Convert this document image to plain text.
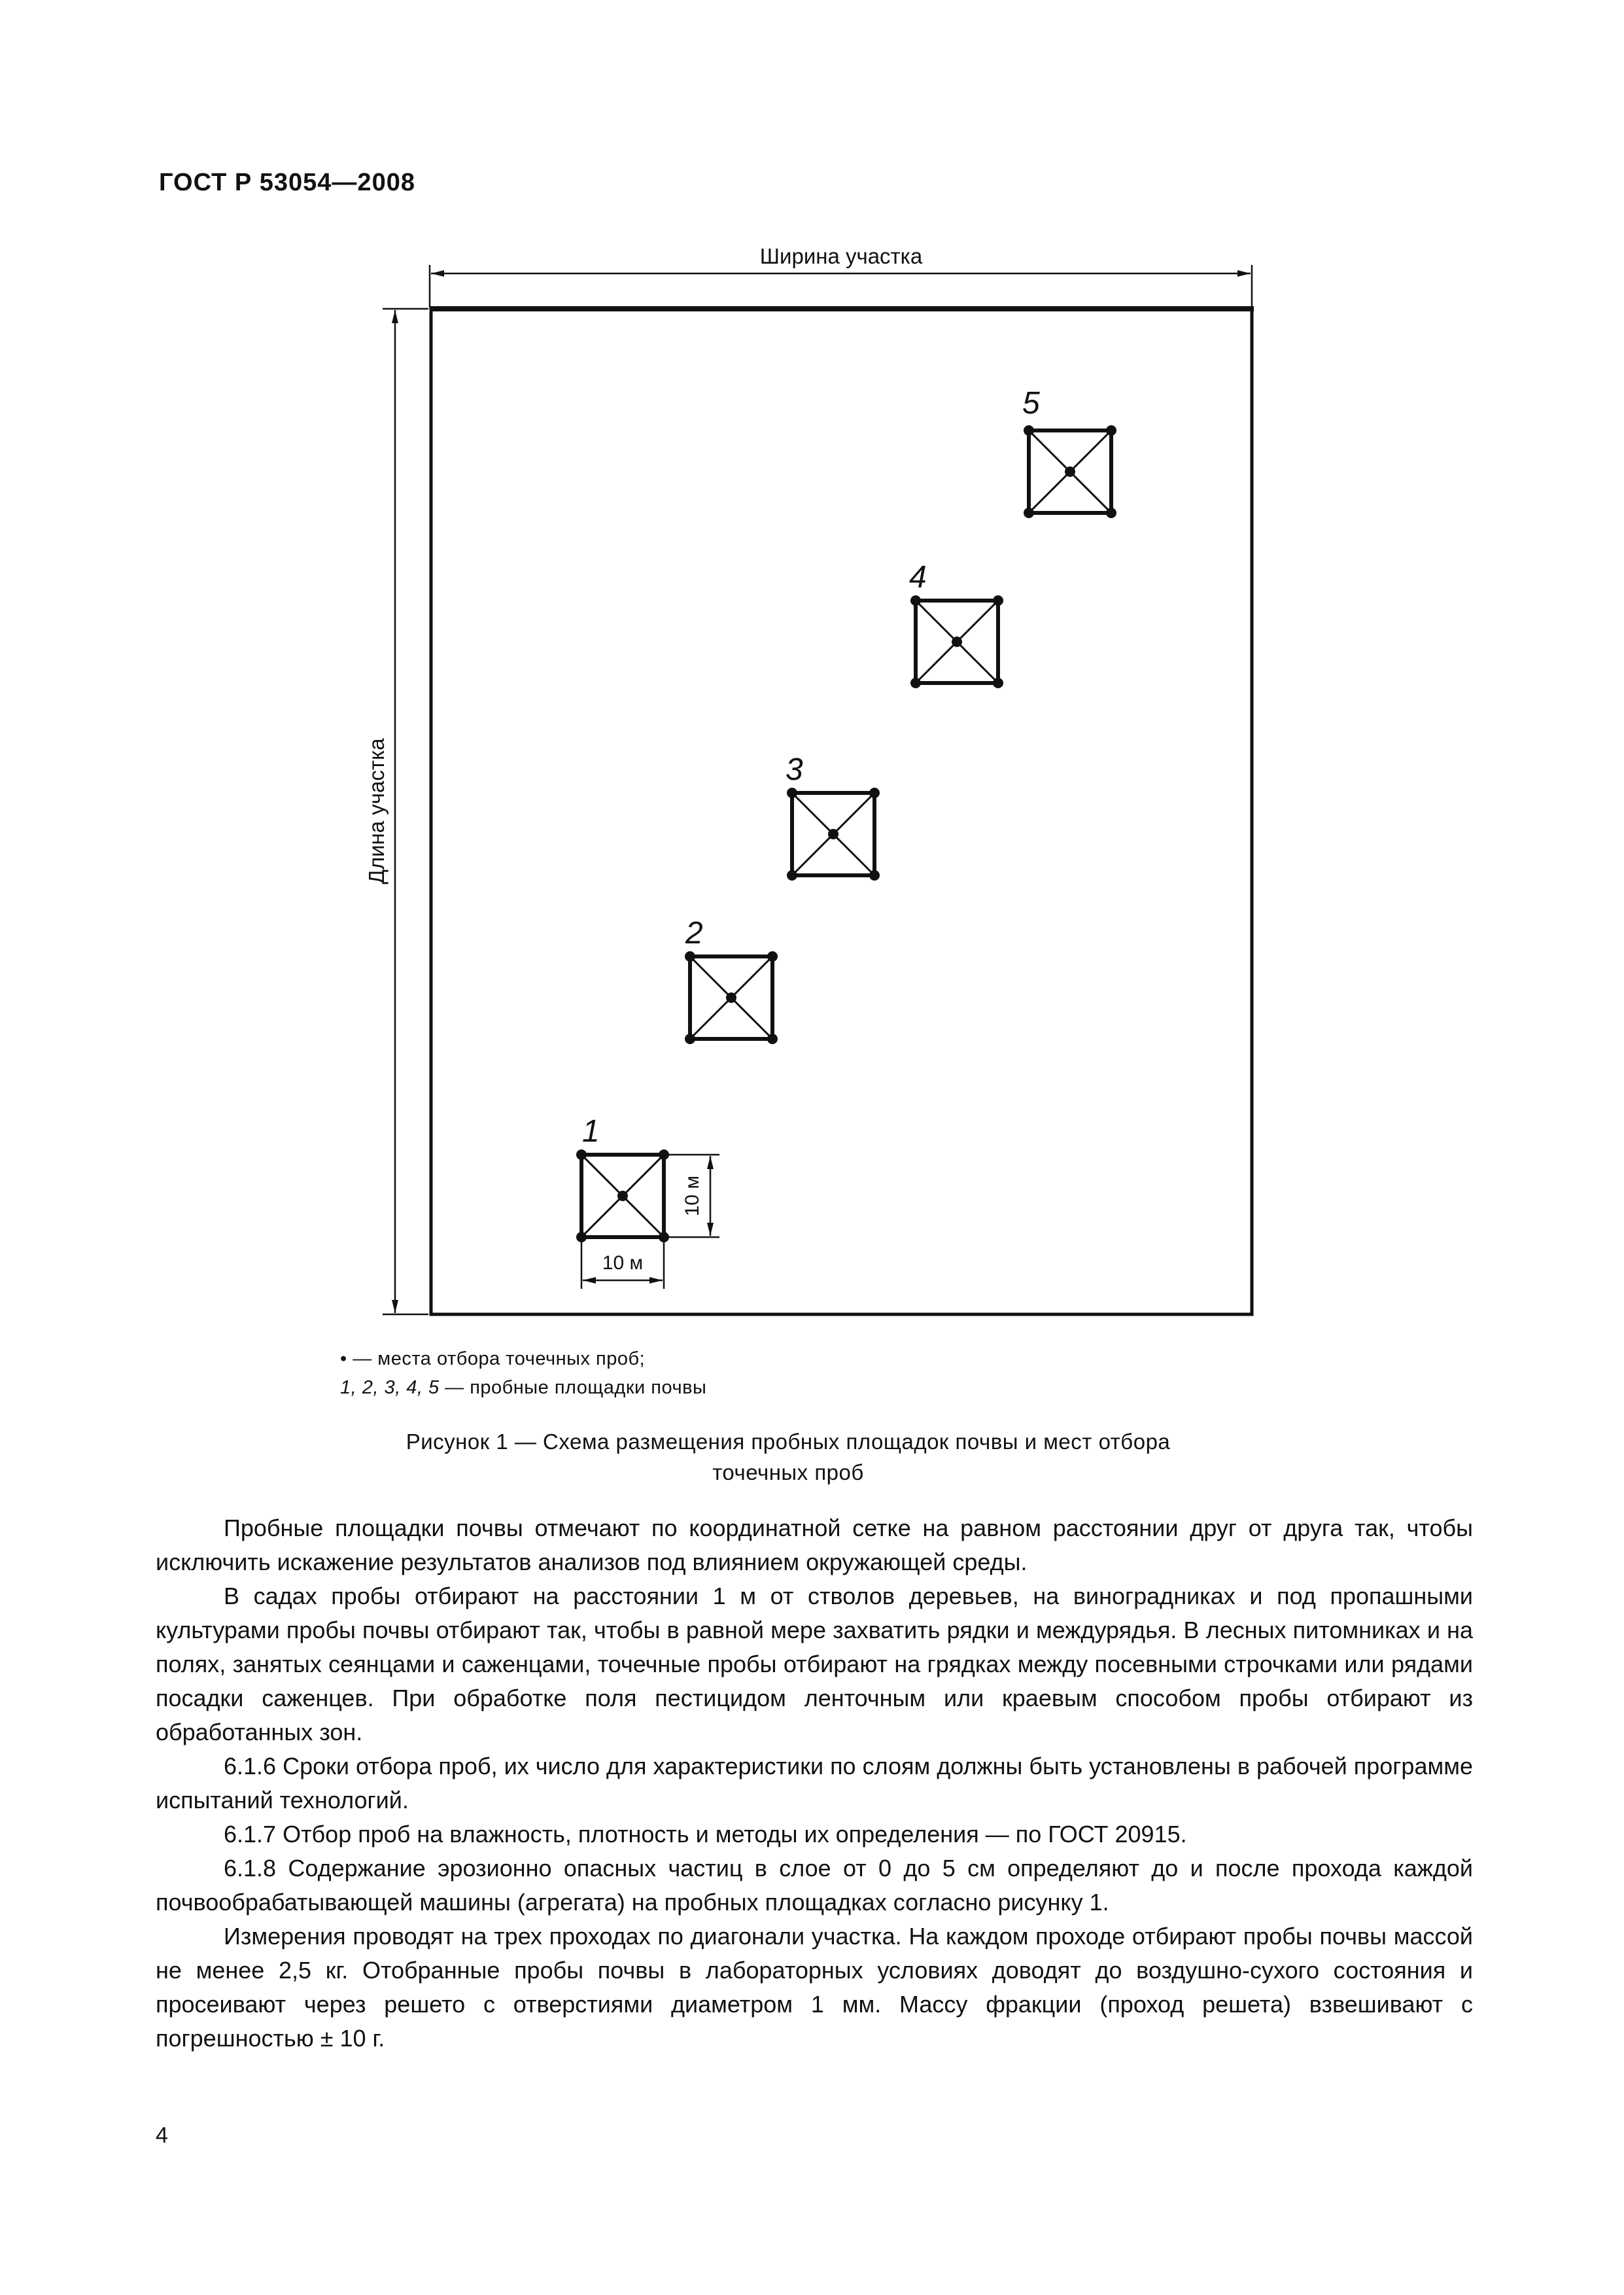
ГОСТ Р 53054—2008
Ширина участка
Длина участка
1
10 м
10 м
2
3
4
5
• — места отбора точечных проб;
1, 2, 3, 4, 5 — пробные площадки почвы
Рисунок 1 — Схема размещения пробных площадок почвы и мест отбора
точечных проб

Пробные площадки почвы отмечают по координатной сетке на равном расстоянии друг от друга так, чтобы исключить искажение результатов анализов под влиянием окружающей среды.

В садах пробы отбирают на расстоянии 1 м от стволов деревьев, на виноградниках и под пропашными культурами пробы почвы отбирают так, чтобы в равной мере захватить рядки и междурядья. В лесных питомниках и на полях, занятых сеянцами и саженцами, точечные пробы отбирают на грядках между посевными строчками или рядами посадки саженцев. При обработке поля пестицидом ленточным или краевым способом пробы отбирают из обработанных зон.

6.1.6 Сроки отбора проб, их число для характеристики по слоям должны быть установлены в рабочей программе испытаний технологий.

6.1.7 Отбор проб на влажность, плотность и методы их определения — по ГОСТ 20915.

6.1.8 Содержание эрозионно опасных частиц в слое от 0 до 5 см определяют до и после прохода каждой почвообрабатывающей машины (агрегата) на пробных площадках согласно рисунку 1.

Измерения проводят на трех проходах по диагонали участка. На каждом проходе отбирают пробы почвы массой не менее 2,5 кг. Отобранные пробы почвы в лабораторных условиях доводят до воздушно-сухого состояния и просеивают через решето с отверстиями диаметром 1 мм. Массу фракции (проход решета) взвешивают с погрешностью ± 10 г.

4
